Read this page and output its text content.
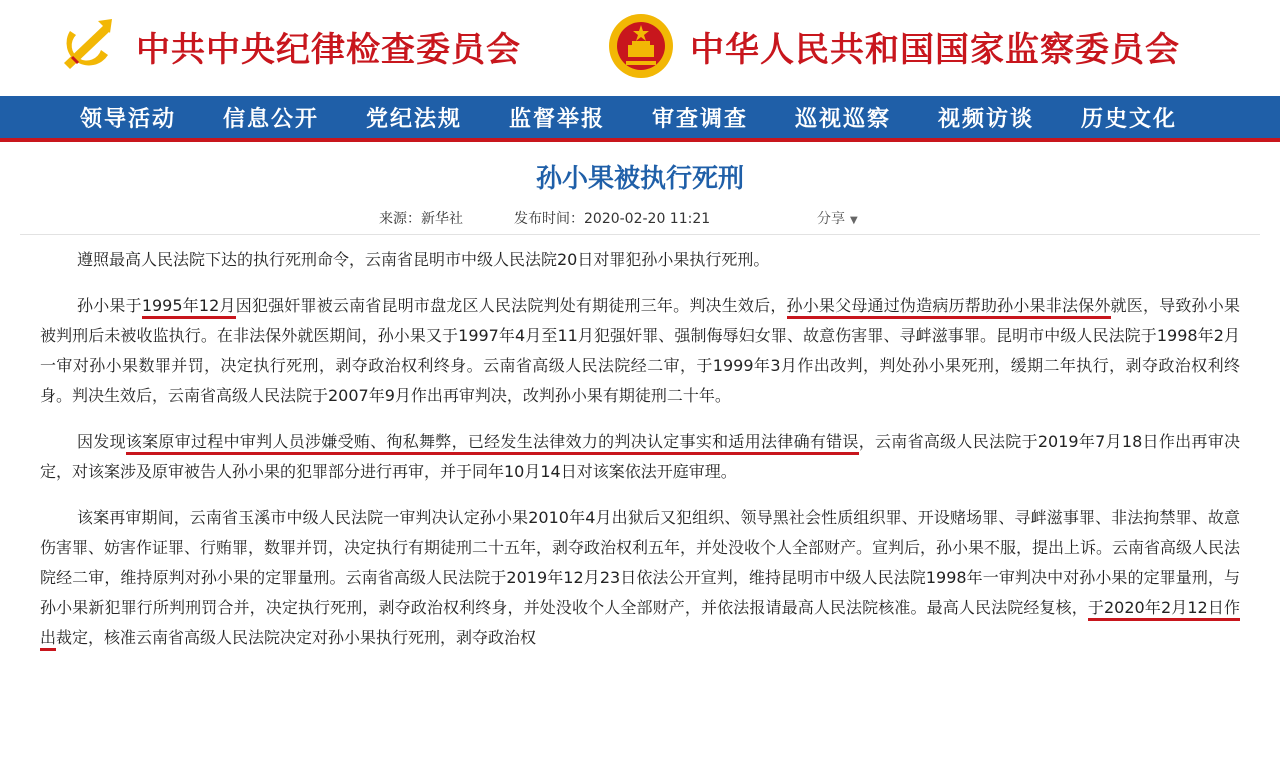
中共中央纪律检查委员会	中华人民共和国国家监察委员会
领导活动	信息公开	党纪法规	监督举报	审查调查	巡视巡察	视频访谈	历史文化
孙小果被执行死刑
来源：新华社	发布时间：2020-02-20 11:21	分享 ▼

遵照最高人民法院下达的执行死刑命令，云南省昆明市中级人民法院20日对罪犯孙小果执行死刑。

孙小果于1995年12月因犯强奸罪被云南省昆明市盘龙区人民法院判处有期徒刑三年。判决生效后，孙小果父母通过伪造病历帮助孙小果非法保外就医，导致孙小果被判刑后未被收监执行。在非法保外就医期间，孙小果又于1997年4月至11月犯强奸罪、强制侮辱妇女罪、故意伤害罪、寻衅滋事罪。昆明市中级人民法院于1998年2月一审对孙小果数罪并罚，决定执行死刑，剥夺政治权利终身。云南省高级人民法院经二审，于1999年3月作出改判，判处孙小果死刑，缓期二年执行，剥夺政治权利终身。判决生效后，云南省高级人民法院于2007年9月作出再审判决，改判孙小果有期徒刑二十年。

因发现该案原审过程中审判人员涉嫌受贿、徇私舞弊，已经发生法律效力的判决认定事实和适用法律确有错误，云南省高级人民法院于2019年7月18日作出再审决定，对该案涉及原审被告人孙小果的犯罪部分进行再审，并于同年10月14日对该案依法开庭审理。

该案再审期间，云南省玉溪市中级人民法院一审判决认定孙小果2010年4月出狱后又犯组织、领导黑社会性质组织罪、开设赌场罪、寻衅滋事罪、非法拘禁罪、故意伤害罪、妨害作证罪、行贿罪，数罪并罚，决定执行有期徒刑二十五年，剥夺政治权利五年，并处没收个人全部财产。宣判后，孙小果不服，提出上诉。云南省高级人民法院经二审，维持原判对孙小果的定罪量刑。云南省高级人民法院于2019年12月23日依法公开宣判，维持昆明市中级人民法院1998年一审判决中对孙小果的定罪量刑，与孙小果新犯罪行所判刑罚合并，决定执行死刑，剥夺政治权利终身，并处没收个人全部财产，并依法报请最高人民法院核准。最高人民法院经复核，于2020年2月12日作出裁定，核准云南省高级人民法院决定对孙小果执行死刑，剥夺政治权
